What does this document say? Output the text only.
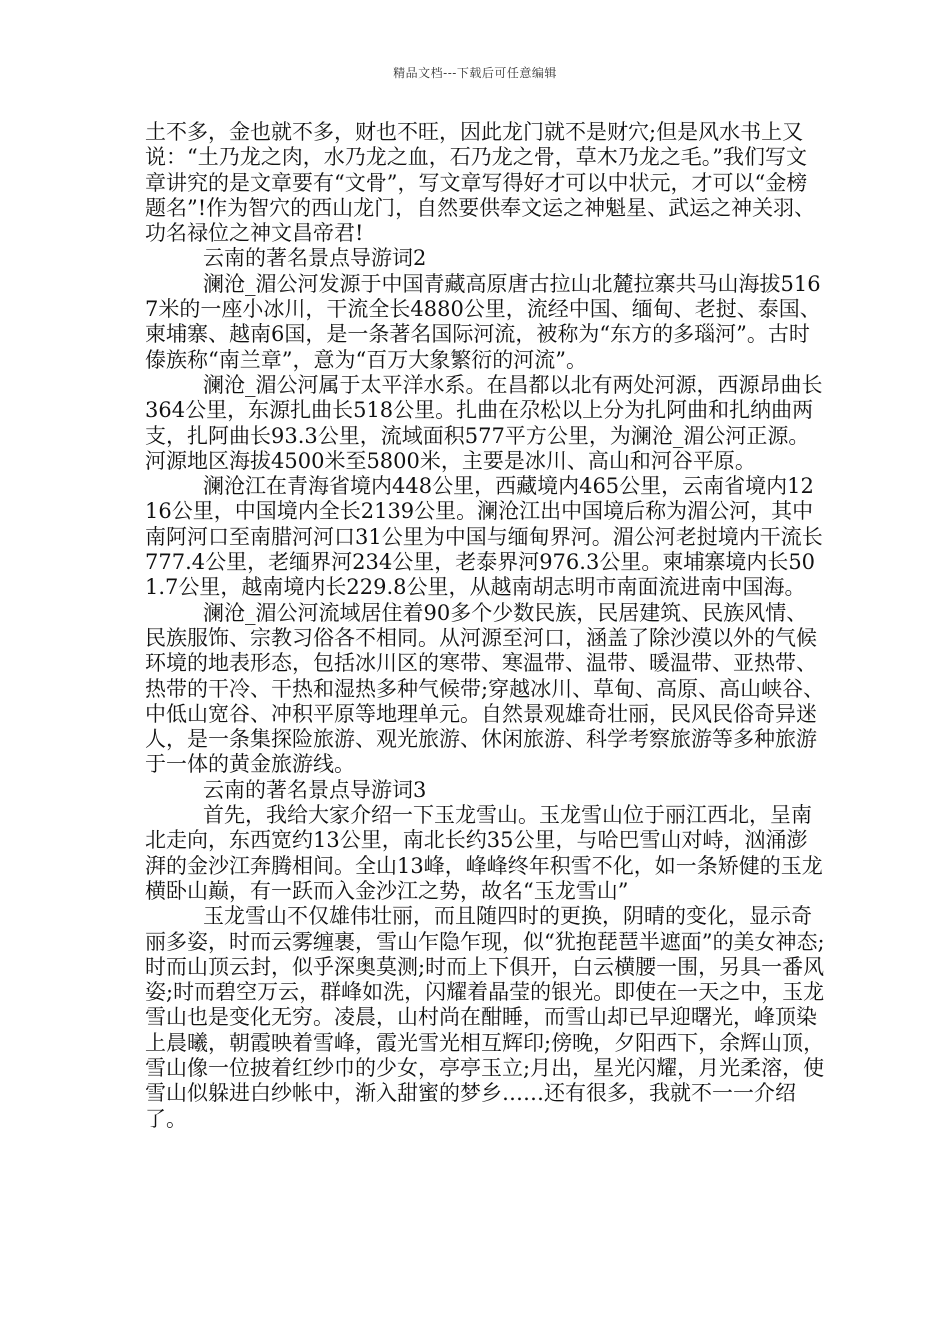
精品文档---下载后可任意编辑

土不多，金也就不多，财也不旺，因此龙门就不是财穴;但是风水书上又说：“土乃龙之肉，水乃龙之血，石乃龙之骨，草木乃龙之毛。”我们写文章讲究的是文章要有“文骨”，写文章写得好才可以中状元，才可以“金榜题名”!作为智穴的西山龙门，自然要供奉文运之神魁星、武运之神关羽、功名禄位之神文昌帝君!

云南的著名景点导游词2

澜沧_湄公河发源于中国青藏高原唐古拉山北麓拉寨共马山海拔5167米的一座小冰川，干流全长4880公里，流经中国、缅甸、老挝、泰国、柬埔寨、越南6国，是一条著名国际河流，被称为“东方的多瑙河”。古时傣族称“南兰章”，意为“百万大象繁衍的河流”。

澜沧_湄公河属于太平洋水系。在昌都以北有两处河源，西源昂曲长364公里，东源扎曲长518公里。扎曲在尕松以上分为扎阿曲和扎纳曲两支，扎阿曲长93.3公里，流域面积577平方公里，为澜沧_湄公河正源。河源地区海拔4500米至5800米，主要是冰川、高山和河谷平原。

澜沧江在青海省境内448公里，西藏境内465公里，云南省境内1216公里，中国境内全长2139公里。澜沧江出中国境后称为湄公河，其中南阿河口至南腊河河口31公里为中国与缅甸界河。湄公河老挝境内干流长777.4公里，老缅界河234公里，老泰界河976.3公里。柬埔寨境内长501.7公里，越南境内长229.8公里，从越南胡志明市南面流进南中国海。

澜沧_湄公河流域居住着90多个少数民族，民居建筑、民族风情、民族服饰、宗教习俗各不相同。从河源至河口，涵盖了除沙漠以外的气候环境的地表形态，包括冰川区的寒带、寒温带、温带、暖温带、亚热带、热带的干冷、干热和湿热多种气候带;穿越冰川、草甸、高原、高山峡谷、中低山宽谷、冲积平原等地理单元。自然景观雄奇壮丽，民风民俗奇异迷人，是一条集探险旅游、观光旅游、休闲旅游、科学考察旅游等多种旅游于一体的黄金旅游线。

云南的著名景点导游词3

首先，我给大家介绍一下玉龙雪山。玉龙雪山位于丽江西北，呈南北走向，东西宽约13公里，南北长约35公里，与哈巴雪山对峙，汹涌澎湃的金沙江奔腾相间。全山13峰，峰峰终年积雪不化，如一条矫健的玉龙横卧山巅，有一跃而入金沙江之势，故名“玉龙雪山”

玉龙雪山不仅雄伟壮丽，而且随四时的更换，阴晴的变化，显示奇丽多姿，时而云雾缠裹，雪山乍隐乍现，似“犹抱琵琶半遮面”的美女神态;时而山顶云封，似乎深奥莫测;时而上下俱开，白云横腰一围，另具一番风姿;时而碧空万云，群峰如洗，闪耀着晶莹的银光。即使在一天之中，玉龙雪山也是变化无穷。凌晨，山村尚在酣睡，而雪山却已早迎曙光，峰顶染上晨曦，朝霞映着雪峰，霞光雪光相互辉印;傍晚，夕阳西下，余辉山顶，雪山像一位披着红纱巾的少女，亭亭玉立;月出，星光闪耀，月光柔溶，使雪山似躲进白纱帐中，渐入甜蜜的梦乡……还有很多，我就不一一介绍了。
